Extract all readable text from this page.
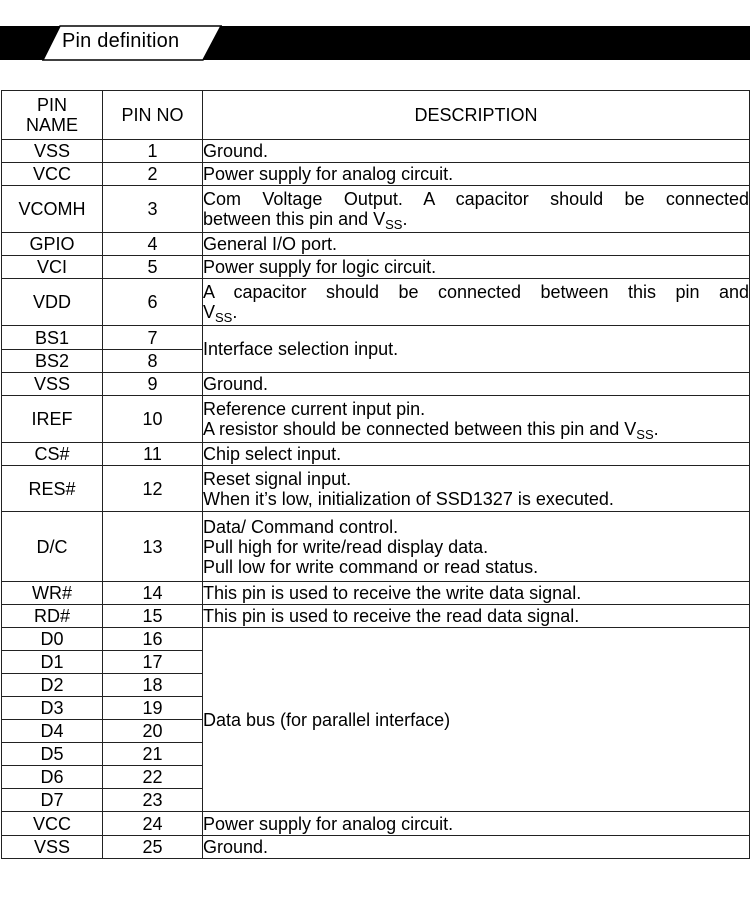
Pin definition
PIN
NAME	PIN NO	DESCRIPTION
VSS	1	Ground.

VCC	2	Power supply for analog circuit.

VCOMH	3	Com Voltage Output. A capacitor should be connected
between this pin and $V_{SS}$.

GPIO	4	General I/O port.

VCI	5	Power supply for logic circuit.

VDD	6	A capacitor should be connected between this pin and
$V_{SS}$.

BS1	7	Interface selection input.

BS2	8	
VSS	9	Ground.

IREF	10	Reference current input pin.
A resistor should be connected between this pin and $V_{SS}$.

CS#	11	Chip select input.

RES#	12	Reset signal input.
When it’s low, initialization of SSD1327 is executed.

D/C	13	Data/ Command control.
Pull high for write/read display data.
Pull low for write command or read status.

WR#	14	This pin is used to receive the write data signal.

RD#	15	This pin is used to receive the read data signal.

D0	16	Data bus (for parallel interface)

D1	17	
D2	18	
D3	19	
D4	20	
D5	21	
D6	22	
D7	23	
VCC	24	Power supply for analog circuit.

VSS	25	Ground.
